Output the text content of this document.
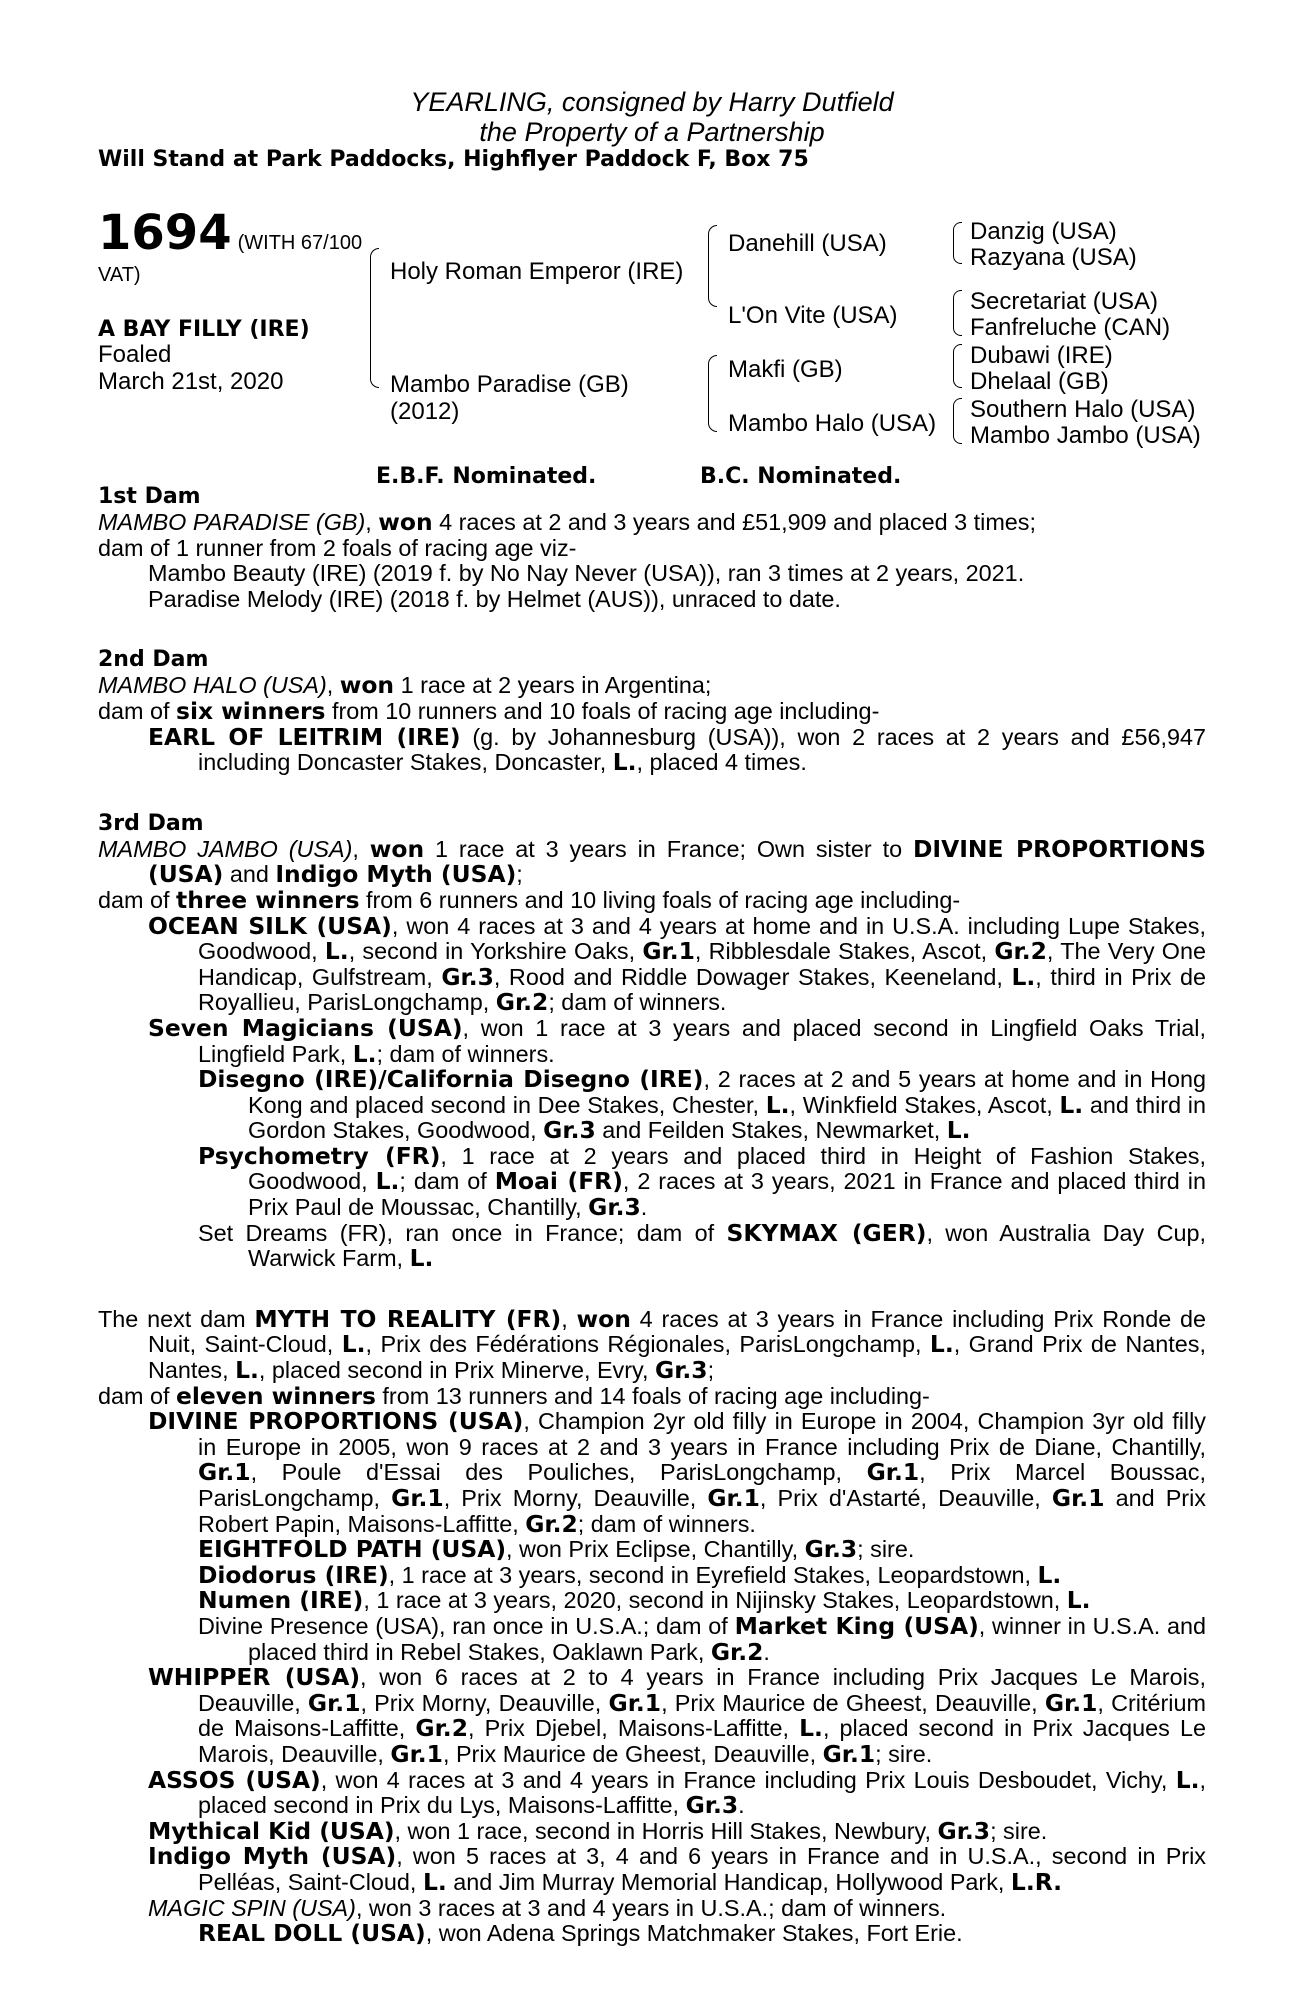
YEARLING, consigned by Harry Dutfield
the Property of a Partnership
Will Stand at Park Paddocks, Highflyer Paddock F, Box 75
1694 (WITH 67/100
VAT)
A BAY FILLY (IRE)
Foaled
March 21st, 2020
Holy Roman Emperor (IRE)
Mambo Paradise (GB)
(2012)
Danehill (USA)
L'On Vite (USA)
Makfi (GB)
Mambo Halo (USA)
Danzig (USA)
Razyana (USA)
Secretariat (USA)
Fanfreluche (CAN)
Dubawi (IRE)
Dhelaal (GB)
Southern Halo (USA)
Mambo Jambo (USA)
E.B.F. Nominated.	B.C. Nominated.

1st Dam

MAMBO PARADISE (GB), won 4 races at 2 and 3 years and £51,909 and placed 3 times;

dam of 1 runner from 2 foals of racing age viz-

Mambo Beauty (IRE) (2019 f. by No Nay Never (USA)), ran 3 times at 2 years, 2021.

Paradise Melody (IRE) (2018 f. by Helmet (AUS)), unraced to date.

2nd Dam

MAMBO HALO (USA), won 1 race at 2 years in Argentina;

dam of six winners from 10 runners and 10 foals of racing age including-

EARL OF LEITRIM (IRE) (g. by Johannesburg (USA)), won 2 races at 2 years and £56,947 including Doncaster Stakes, Doncaster, L., placed 4 times.

3rd Dam

MAMBO JAMBO (USA), won 1 race at 3 years in France; Own sister to DIVINE PROPORTIONS (USA) and Indigo Myth (USA);

dam of three winners from 6 runners and 10 living foals of racing age including-

OCEAN SILK (USA), won 4 races at 3 and 4 years at home and in U.S.A. including Lupe Stakes, Goodwood, L., second in Yorkshire Oaks, Gr.1, Ribblesdale Stakes, Ascot, Gr.2, The Very One Handicap, Gulfstream, Gr.3, Rood and Riddle Dowager Stakes, Keeneland, L., third in Prix de Royallieu, ParisLongchamp, Gr.2; dam of winners.

Seven Magicians (USA), won 1 race at 3 years and placed second in Lingfield Oaks Trial, Lingfield Park, L.; dam of winners.

Disegno (IRE)/California Disegno (IRE), 2 races at 2 and 5 years at home and in Hong Kong and placed second in Dee Stakes, Chester, L., Winkfield Stakes, Ascot, L. and third in Gordon Stakes, Goodwood, Gr.3 and Feilden Stakes, Newmarket, L.

Psychometry (FR), 1 race at 2 years and placed third in Height of Fashion Stakes, Goodwood, L.; dam of Moai (FR), 2 races at 3 years, 2021 in France and placed third in Prix Paul de Moussac, Chantilly, Gr.3.

Set Dreams (FR), ran once in France; dam of SKYMAX (GER), won Australia Day Cup, Warwick Farm, L.

The next dam MYTH TO REALITY (FR), won 4 races at 3 years in France including Prix Ronde de Nuit, Saint-Cloud, L., Prix des Fédérations Régionales, ParisLongchamp, L., Grand Prix de Nantes, Nantes, L., placed second in Prix Minerve, Evry, Gr.3;

dam of eleven winners from 13 runners and 14 foals of racing age including-

DIVINE PROPORTIONS (USA), Champion 2yr old filly in Europe in 2004, Champion 3yr old filly in Europe in 2005, won 9 races at 2 and 3 years in France including Prix de Diane, Chantilly, Gr.1, Poule d'Essai des Pouliches, ParisLongchamp, Gr.1, Prix Marcel Boussac, ParisLongchamp, Gr.1, Prix Morny, Deauville, Gr.1, Prix d'Astarté, Deauville, Gr.1 and Prix Robert Papin, Maisons-Laffitte, Gr.2; dam of winners.

EIGHTFOLD PATH (USA), won Prix Eclipse, Chantilly, Gr.3; sire.

Diodorus (IRE), 1 race at 3 years, second in Eyrefield Stakes, Leopardstown, L.

Numen (IRE), 1 race at 3 years, 2020, second in Nijinsky Stakes, Leopardstown, L.

Divine Presence (USA), ran once in U.S.A.; dam of Market King (USA), winner in U.S.A. and placed third in Rebel Stakes, Oaklawn Park, Gr.2.

WHIPPER (USA), won 6 races at 2 to 4 years in France including Prix Jacques Le Marois, Deauville, Gr.1, Prix Morny, Deauville, Gr.1, Prix Maurice de Gheest, Deauville, Gr.1, Critérium de Maisons-Laffitte, Gr.2, Prix Djebel, Maisons-Laffitte, L., placed second in Prix Jacques Le Marois, Deauville, Gr.1, Prix Maurice de Gheest, Deauville, Gr.1; sire.

ASSOS (USA), won 4 races at 3 and 4 years in France including Prix Louis Desboudet, Vichy, L., placed second in Prix du Lys, Maisons-Laffitte, Gr.3.

Mythical Kid (USA), won 1 race, second in Horris Hill Stakes, Newbury, Gr.3; sire.

Indigo Myth (USA), won 5 races at 3, 4 and 6 years in France and in U.S.A., second in Prix Pelléas, Saint-Cloud, L. and Jim Murray Memorial Handicap, Hollywood Park, L.R.

MAGIC SPIN (USA), won 3 races at 3 and 4 years in U.S.A.; dam of winners.

REAL DOLL (USA), won Adena Springs Matchmaker Stakes, Fort Erie.
